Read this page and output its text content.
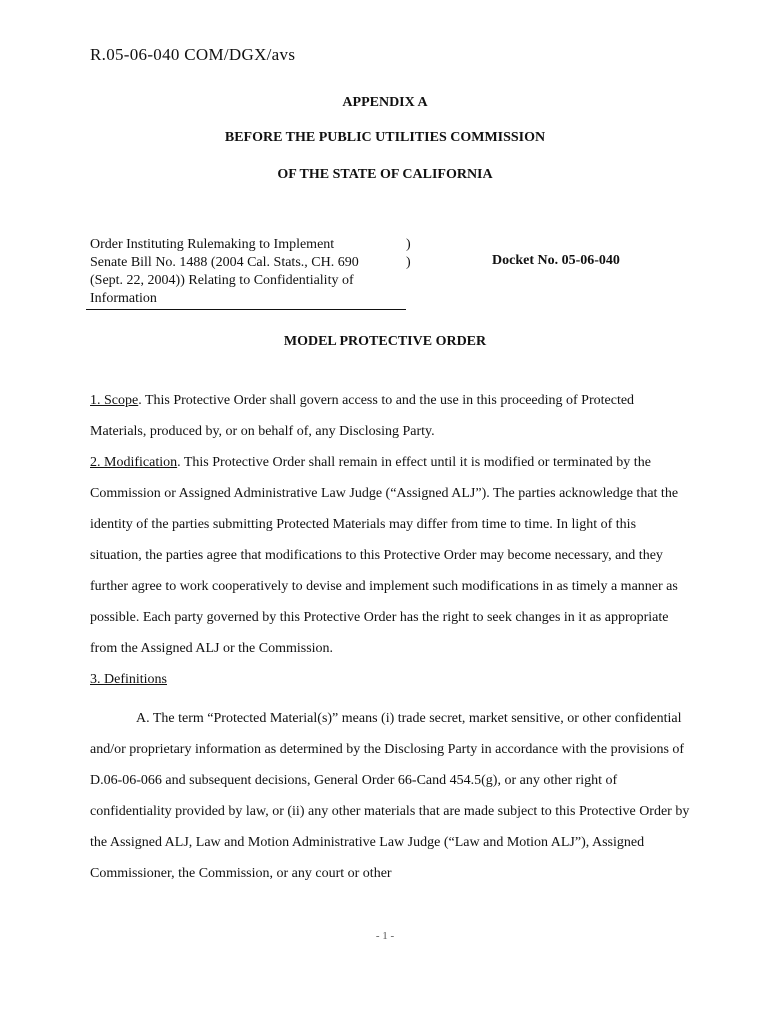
R.05-06-040 COM/DGX/avs
APPENDIX A
BEFORE THE PUBLIC UTILITIES COMMISSION
OF THE STATE OF CALIFORNIA
Order Instituting Rulemaking to Implement
Senate Bill No. 1488 (2004 Cal. Stats., CH. 690
(Sept. 22, 2004)) Relating to Confidentiality of
Information
)
)	Docket No. 05-06-040
MODEL PROTECTIVE ORDER

1. Scope. This Protective Order shall govern access to and the use in this proceeding of Protected Materials, produced by, or on behalf of, any Disclosing Party.

2. Modification. This Protective Order shall remain in effect until it is modified or terminated by the Commission or Assigned Administrative Law Judge (“Assigned ALJ”). The parties acknowledge that the identity of the parties submitting Protected Materials may differ from time to time. In light of this situation, the parties agree that modifications to this Protective Order may become necessary, and they further agree to work cooperatively to devise and implement such modifications in as timely a manner as possible. Each party governed by this Protective Order has the right to seek changes in it as appropriate from the Assigned ALJ or the Commission.

3. Definitions

A. The term “Protected Material(s)” means (i) trade secret, market sensitive, or other confidential and/or proprietary information as determined by the Disclosing Party in accordance with the provisions of D.06-06-066 and subsequent decisions, General Order 66-Cand 454.5(g), or any other right of confidentiality provided by law, or (ii) any other materials that are made subject to this Protective Order by the Assigned ALJ, Law and Motion Administrative Law Judge (“Law and Motion ALJ”), Assigned Commissioner, the Commission, or any court or other

- 1 -
